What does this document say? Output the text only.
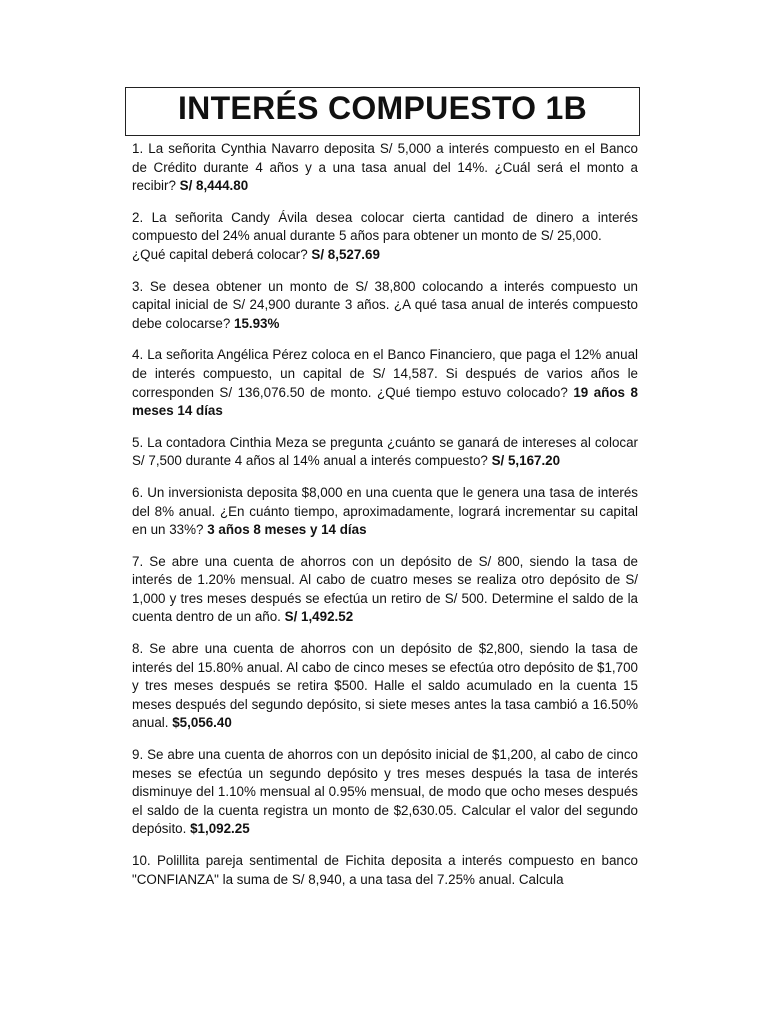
INTERÉS COMPUESTO 1B

1. La señorita Cynthia Navarro deposita S/ 5,000 a interés compuesto en el Banco de Crédito durante 4 años y a una tasa anual del 14%. ¿Cuál será el monto a recibir? S/ 8,444.80

2. La señorita Candy Ávila desea colocar cierta cantidad de dinero a interés compuesto del 24% anual durante 5 años para obtener un monto de S/ 25,000.
¿Qué capital deberá colocar? S/ 8,527.69

3. Se desea obtener un monto de S/ 38,800 colocando a interés compuesto un capital inicial de S/ 24,900 durante 3 años. ¿A qué tasa anual de interés compuesto debe colocarse? 15.93%

4. La señorita Angélica Pérez coloca en el Banco Financiero, que paga el 12% anual de interés compuesto, un capital de S/ 14,587. Si después de varios años le corresponden S/ 136,076.50 de monto. ¿Qué tiempo estuvo colocado? 19 años 8 meses 14 días

5. La contadora Cinthia Meza se pregunta ¿cuánto se ganará de intereses al colocar S/ 7,500 durante 4 años al 14% anual a interés compuesto? S/ 5,167.20

6. Un inversionista deposita $8,000 en una cuenta que le genera una tasa de interés del 8% anual. ¿En cuánto tiempo, aproximadamente, logrará incrementar su capital en un 33%? 3 años 8 meses y 14 días

7. Se abre una cuenta de ahorros con un depósito de S/ 800, siendo la tasa de interés de 1.20% mensual. Al cabo de cuatro meses se realiza otro depósito de S/ 1,000 y tres meses después se efectúa un retiro de S/ 500. Determine el saldo de la cuenta dentro de un año. S/ 1,492.52

8. Se abre una cuenta de ahorros con un depósito de $2,800, siendo la tasa de interés del 15.80% anual. Al cabo de cinco meses se efectúa otro depósito de $1,700 y tres meses después se retira $500. Halle el saldo acumulado en la cuenta 15 meses después del segundo depósito, si siete meses antes la tasa cambió a 16.50% anual. $5,056.40

9. Se abre una cuenta de ahorros con un depósito inicial de $1,200, al cabo de cinco meses se efectúa un segundo depósito y tres meses después la tasa de interés disminuye del 1.10% mensual al 0.95% mensual, de modo que ocho meses después el saldo de la cuenta registra un monto de $2,630.05. Calcular el valor del segundo depósito. $1,092.25

10. Polillita pareja sentimental de Fichita deposita a interés compuesto en banco "CONFIANZA" la suma de S/ 8,940, a una tasa del 7.25% anual. Calcula
